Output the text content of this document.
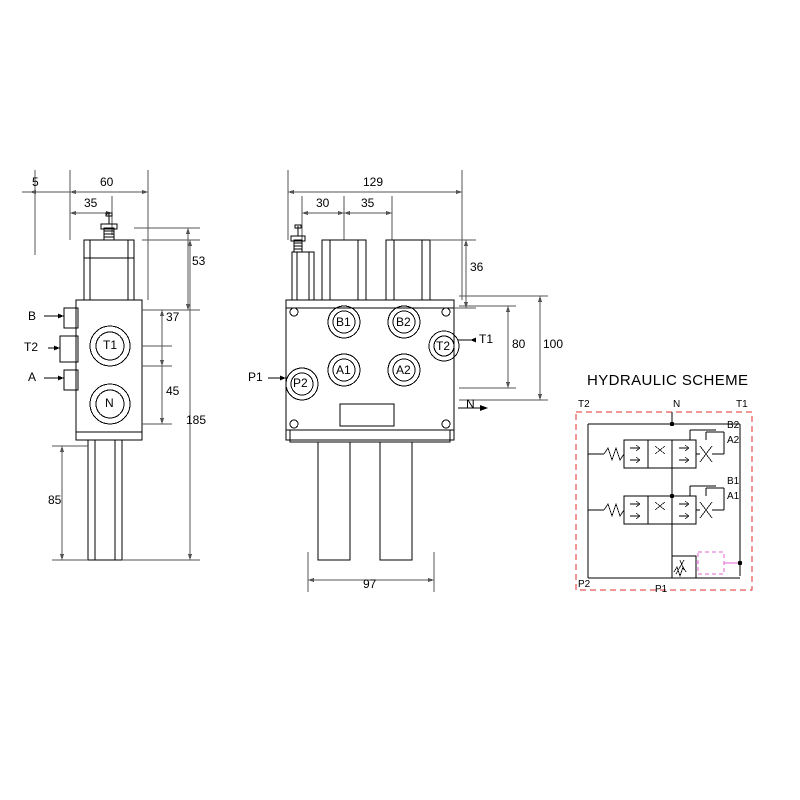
5	60
35
53
37
45
185
85
B
T2
A
T1
N
129
30	35
36
80 100
97
P1	P2
A1	A2
B1	B2
T2 T1
N
HYDRAULIC SCHEME
T2	N	T1
B2
A2
B1
A1
P2	P1
